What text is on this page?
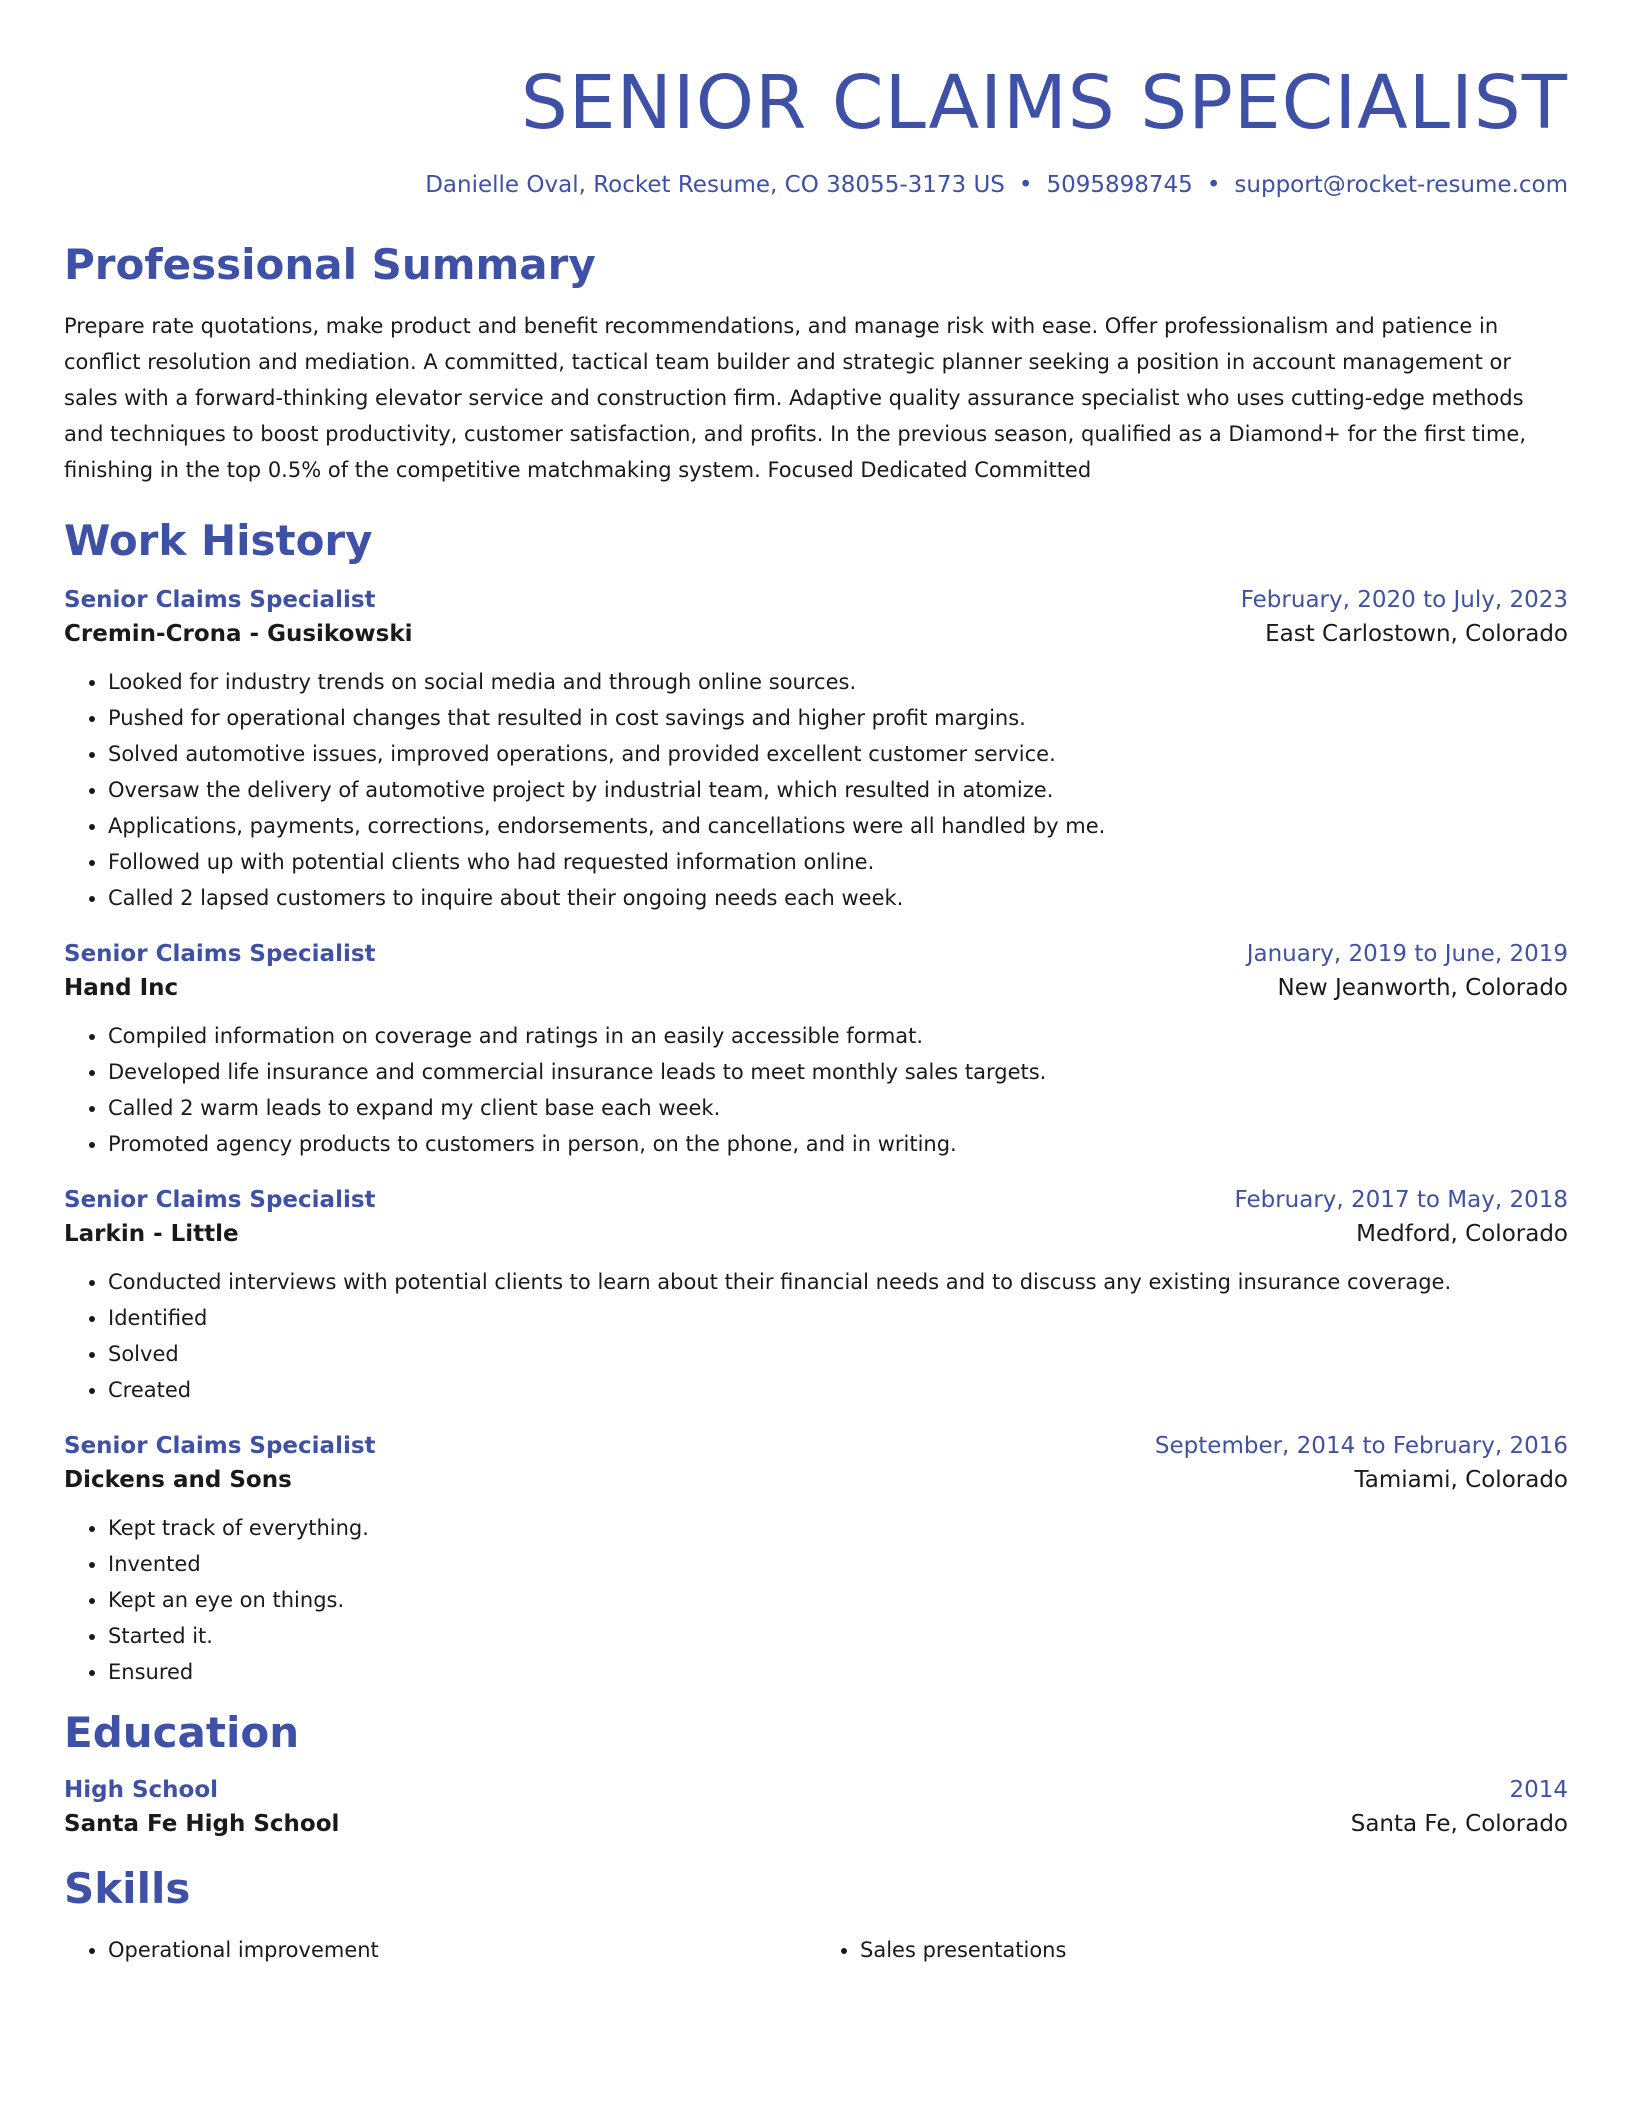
SENIOR CLAIMS SPECIALIST
Danielle Oval, Rocket Resume, CO 38055-3173 US • 5095898745 • support@rocket-resume.com
Professional Summary
Prepare rate quotations, make product and benefit recommendations, and manage risk with ease. Offer professionalism and patience in conflict resolution and mediation. A committed, tactical team builder and strategic planner seeking a position in account management or sales with a forward-thinking elevator service and construction firm. Adaptive quality assurance specialist who uses cutting-edge methods and techniques to boost productivity, customer satisfaction, and profits. In the previous season, qualified as a Diamond+ for the first time, finishing in the top 0.5% of the competitive matchmaking system. Focused Dedicated Committed
Work History
Senior Claims Specialist	February, 2020 to July, 2023
Cremin-Crona - Gusikowski	East Carlostown, Colorado
• Looked for industry trends on social media and through online sources.
• Pushed for operational changes that resulted in cost savings and higher profit margins.
• Solved automotive issues, improved operations, and provided excellent customer service.
• Oversaw the delivery of automotive project by industrial team, which resulted in atomize.
• Applications, payments, corrections, endorsements, and cancellations were all handled by me.
• Followed up with potential clients who had requested information online.
• Called 2 lapsed customers to inquire about their ongoing needs each week.
Senior Claims Specialist	January, 2019 to June, 2019
Hand Inc	New Jeanworth, Colorado
• Compiled information on coverage and ratings in an easily accessible format.
• Developed life insurance and commercial insurance leads to meet monthly sales targets.
• Called 2 warm leads to expand my client base each week.
• Promoted agency products to customers in person, on the phone, and in writing.
Senior Claims Specialist	February, 2017 to May, 2018
Larkin - Little	Medford, Colorado
• Conducted interviews with potential clients to learn about their financial needs and to discuss any existing insurance coverage.
• Identified
• Solved
• Created
Senior Claims Specialist	September, 2014 to February, 2016
Dickens and Sons	Tamiami, Colorado
• Kept track of everything.
• Invented
• Kept an eye on things.
• Started it.
• Ensured
Education
High School	2014
Santa Fe High School	Santa Fe, Colorado
Skills
• Operational improvement
•	Sales presentations
